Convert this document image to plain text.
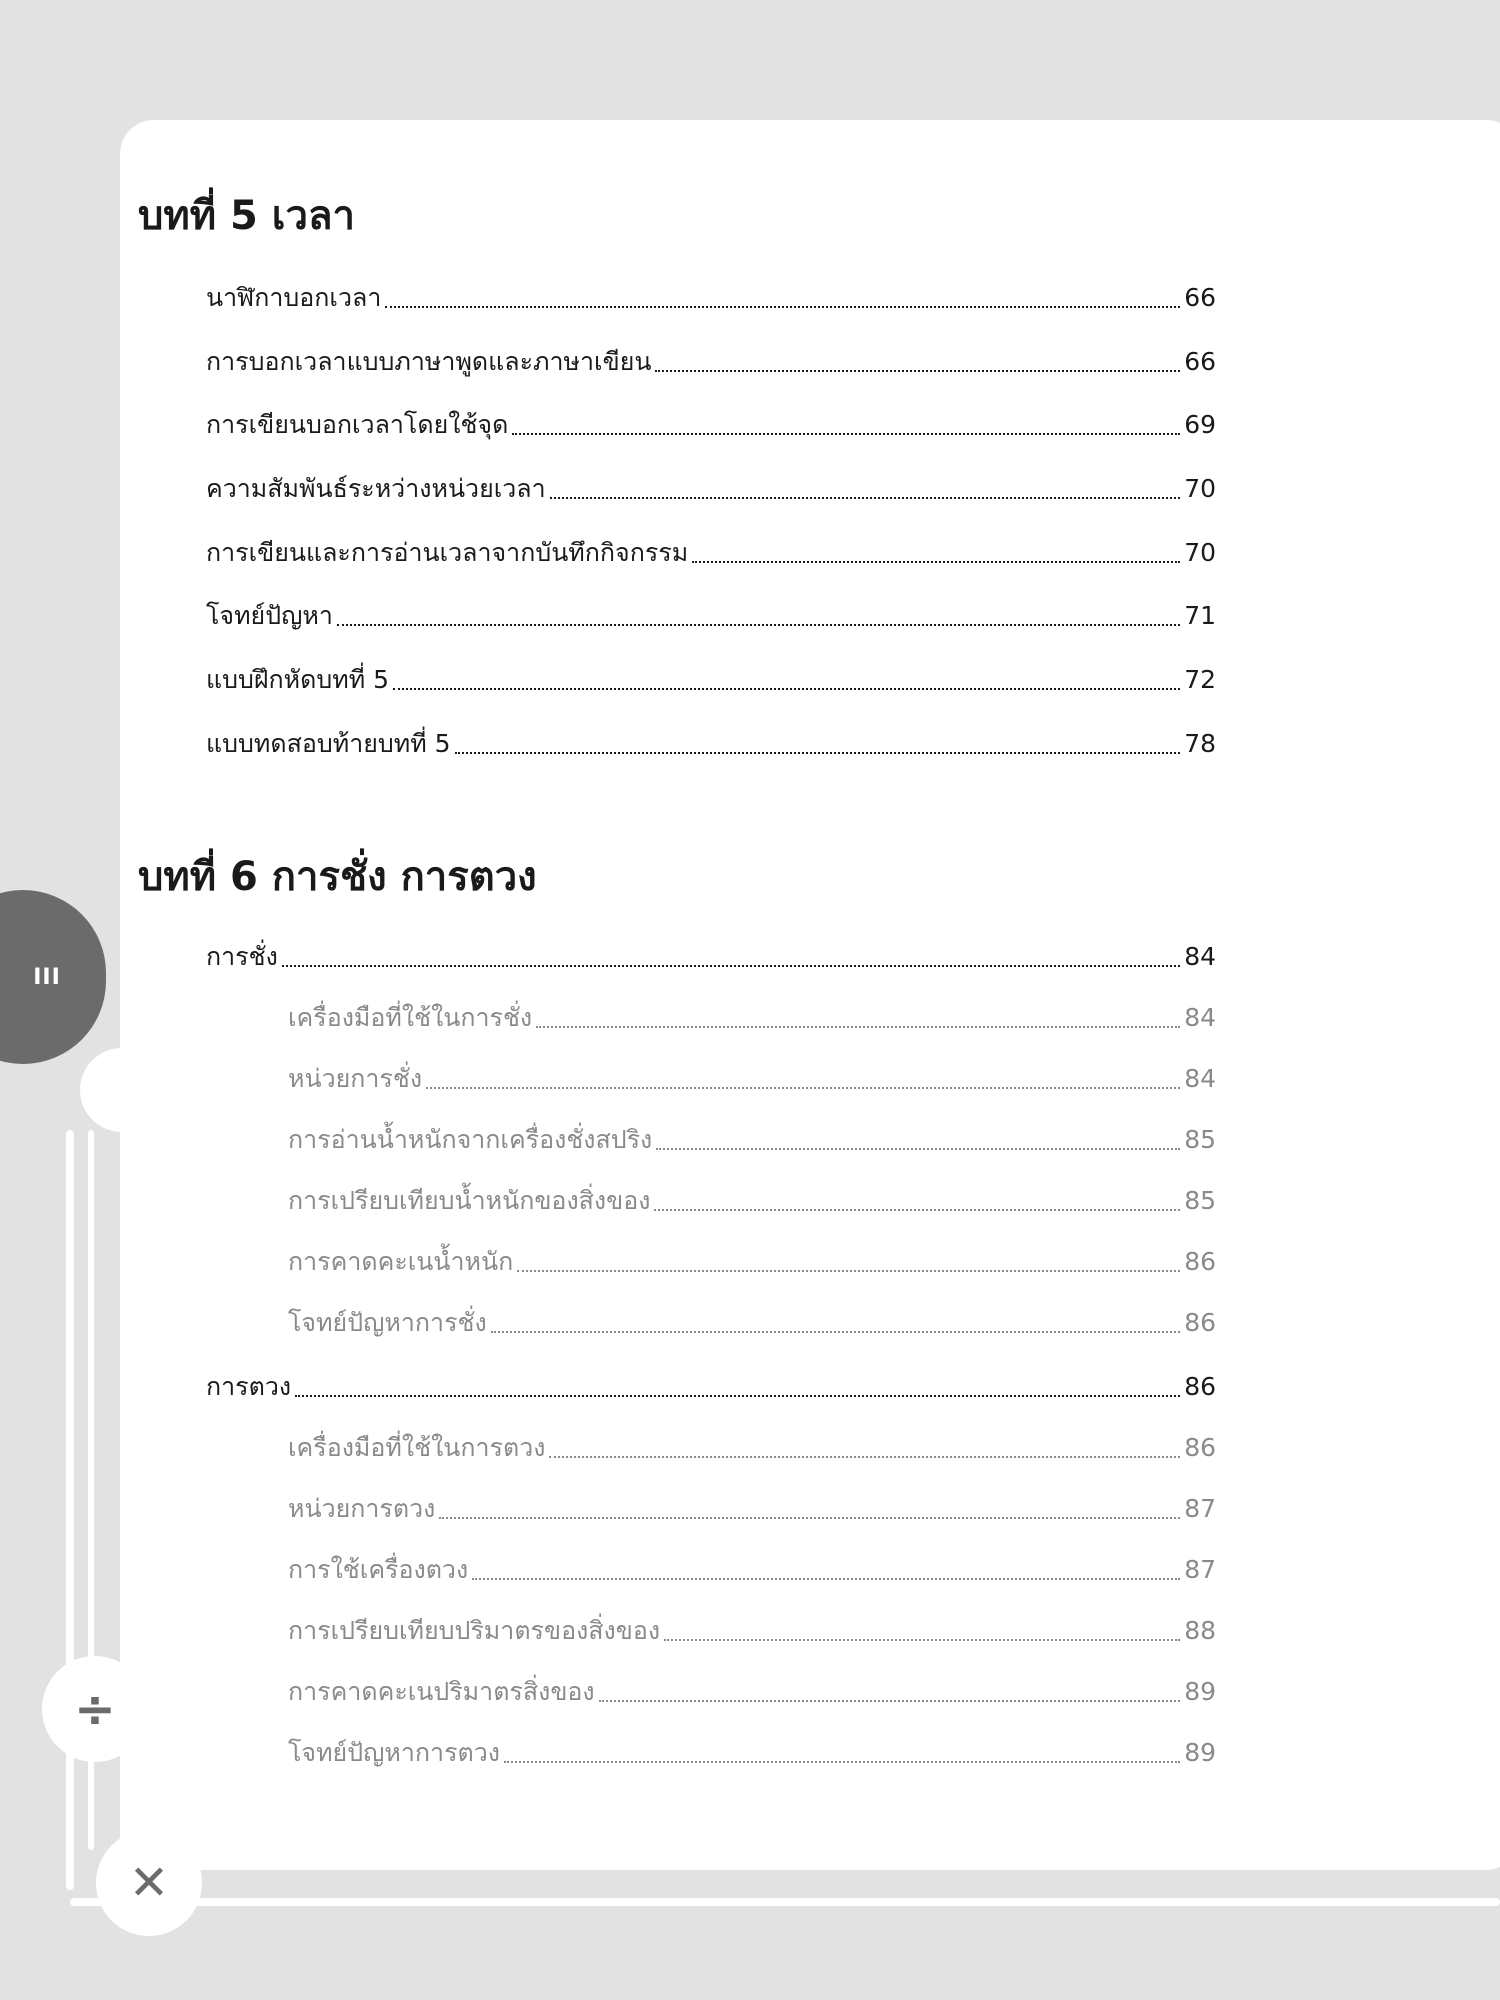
III
÷
✕
บทที่ 5 เวลา
นาฬิกาบอกเวลา	66
การบอกเวลาแบบภาษาพูดและภาษาเขียน	66
การเขียนบอกเวลาโดยใช้จุด	69
ความสัมพันธ์ระหว่างหน่วยเวลา	70
การเขียนและการอ่านเวลาจากบันทึกกิจกรรม	70
โจทย์ปัญหา	71
แบบฝึกหัดบทที่ 5	72
แบบทดสอบท้ายบทที่ 5	78
บทที่ 6 การชั่ง การตวง
การชั่ง	84
เครื่องมือที่ใช้ในการชั่ง	84
หน่วยการชั่ง	84
การอ่านน้ำหนักจากเครื่องชั่งสปริง	85
การเปรียบเทียบน้ำหนักของสิ่งของ	85
การคาดคะเนน้ำหนัก	86
โจทย์ปัญหาการชั่ง	86
การตวง	86
เครื่องมือที่ใช้ในการตวง	86
หน่วยการตวง	87
การใช้เครื่องตวง	87
การเปรียบเทียบปริมาตรของสิ่งของ	88
การคาดคะเนปริมาตรสิ่งของ	89
โจทย์ปัญหาการตวง	89
